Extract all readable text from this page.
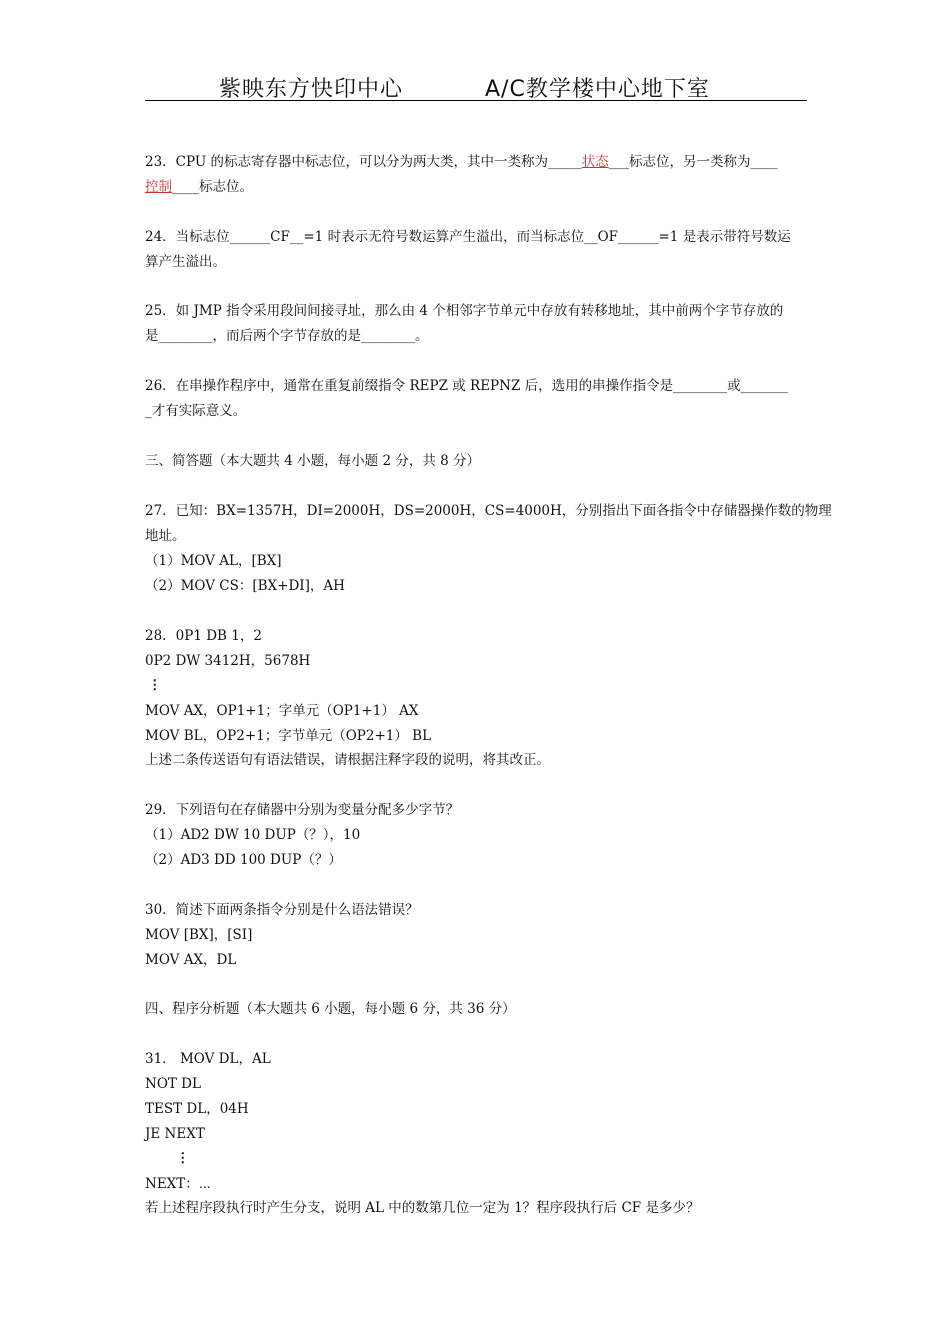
紫映东方快印中心	A/C教学楼中心地下室
23．CPU 的标志寄存器中标志位，可以分为两大类，其中一类称为_____状态___标志位，另一类称为____
控制____标志位。
24．当标志位______CF__=1 时表示无符号数运算产生溢出，而当标志位__OF______=1 是表示带符号数运
算产生溢出。
25．如 JMP 指令采用段间间接寻址，那么由 4 个相邻字节单元中存放有转移地址，其中前两个字节存放的
是________，而后两个字节存放的是________。
26．在串操作程序中，通常在重复前缀指令 REPZ 或 REPNZ 后，选用的串操作指令是________或_______
_才有实际意义。
三、简答题（本大题共 4 小题，每小题 2 分，共 8 分）
27．已知：BX=1357H，DI=2000H，DS=2000H，CS=4000H，分别指出下面各指令中存储器操作数的物理
地址。
（1）MOV AL，[BX]
（2）MOV CS：[BX+DI]，AH
28．0P1 DB 1，2
0P2 DW 3412H，5678H
⋮
MOV AX，OP1+1；字单元（OP1+1） AX
MOV BL，OP2+1；字节单元（OP2+1） BL
上述二条传送语句有语法错误，请根据注释字段的说明，将其改正。
29．下列语句在存储器中分别为变量分配多少字节？
（1）AD2 DW 10 DUP（？），10
（2）AD3 DD 100 DUP（？）
30．简述下面两条指令分别是什么语法错误？
MOV [BX]，[SI]
MOV AX，DL
四、程序分析题（本大题共 6 小题，每小题 6 分，共 36 分）
31． MOV DL，AL
NOT DL
TEST DL，04H
JE NEXT
⋮
NEXT：⋯
若上述程序段执行时产生分支，说明 AL 中的数第几位一定为 1？程序段执行后 CF 是多少？
